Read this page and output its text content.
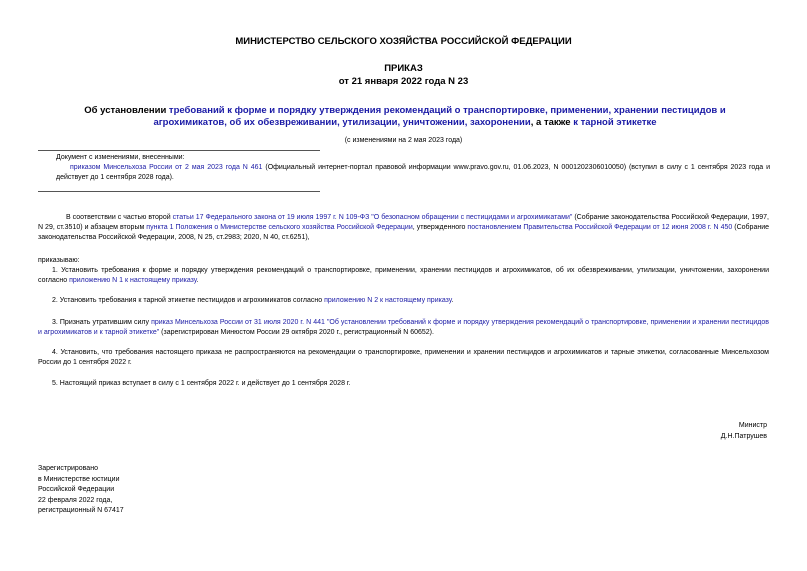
МИНИСТЕРСТВО СЕЛЬСКОГО ХОЗЯЙСТВА РОССИЙСКОЙ ФЕДЕРАЦИИ
ПРИКАЗ
от 21 января 2022 года N 23
Об установлении требований к форме и порядку утверждения рекомендаций о транспортировке, применении, хранении пестицидов и агрохимикатов, об их обезвреживании, утилизации, уничтожении, захоронении, а также к тарной этикетке
(с изменениями на 2 мая 2023 года)
Документ с изменениями, внесенными:
приказом Минсельхоза России от 2 мая 2023 года N 461 (Официальный интернет-портал правовой информации www.pravo.gov.ru, 01.06.2023, N 0001202306010050) (вступил в силу с 1 сентября 2023 года и действует до 1 сентября 2028 года).
В соответствии с частью второй статьи 17 Федерального закона от 19 июля 1997 г. N 109-ФЗ "О безопасном обращении с пестицидами и агрохимикатами" (Собрание законодательства Российской Федерации, 1997, N 29, ст.3510) и абзацем вторым пункта 1 Положения о Министерстве сельского хозяйства Российской Федерации, утвержденного постановлением Правительства Российской Федерации от 12 июня 2008 г. N 450 (Собрание законодательства Российской Федерации, 2008, N 25, ст.2983; 2020, N 40, ст.6251),
приказываю:
1. Установить требования к форме и порядку утверждения рекомендаций о транспортировке, применении, хранении пестицидов и агрохимикатов, об их обезвреживании, утилизации, уничтожении, захоронении согласно приложению N 1 к настоящему приказу.
2. Установить требования к тарной этикетке пестицидов и агрохимикатов согласно приложению N 2 к настоящему приказу.
3. Признать утратившим силу приказ Минсельхоза России от 31 июля 2020 г. N 441 "Об установлении требований к форме и порядку утверждения рекомендаций о транспортировке, применении и хранении пестицидов и агрохимикатов и к тарной этикетке" (зарегистрирован Минюстом России 29 октября 2020 г., регистрационный N 60652).
4. Установить, что требования настоящего приказа не распространяются на рекомендации о транспортировке, применении и хранении пестицидов и агрохимикатов и тарные этикетки, согласованные Минсельхозом России до 1 сентября 2022 г.
5. Настоящий приказ вступает в силу с 1 сентября 2022 г. и действует до 1 сентября 2028 г.
Министр
Д.Н.Патрушев
Зарегистрировано
в Министерстве юстиции
Российской Федерации
22 февраля 2022 года,
регистрационный N 67417
